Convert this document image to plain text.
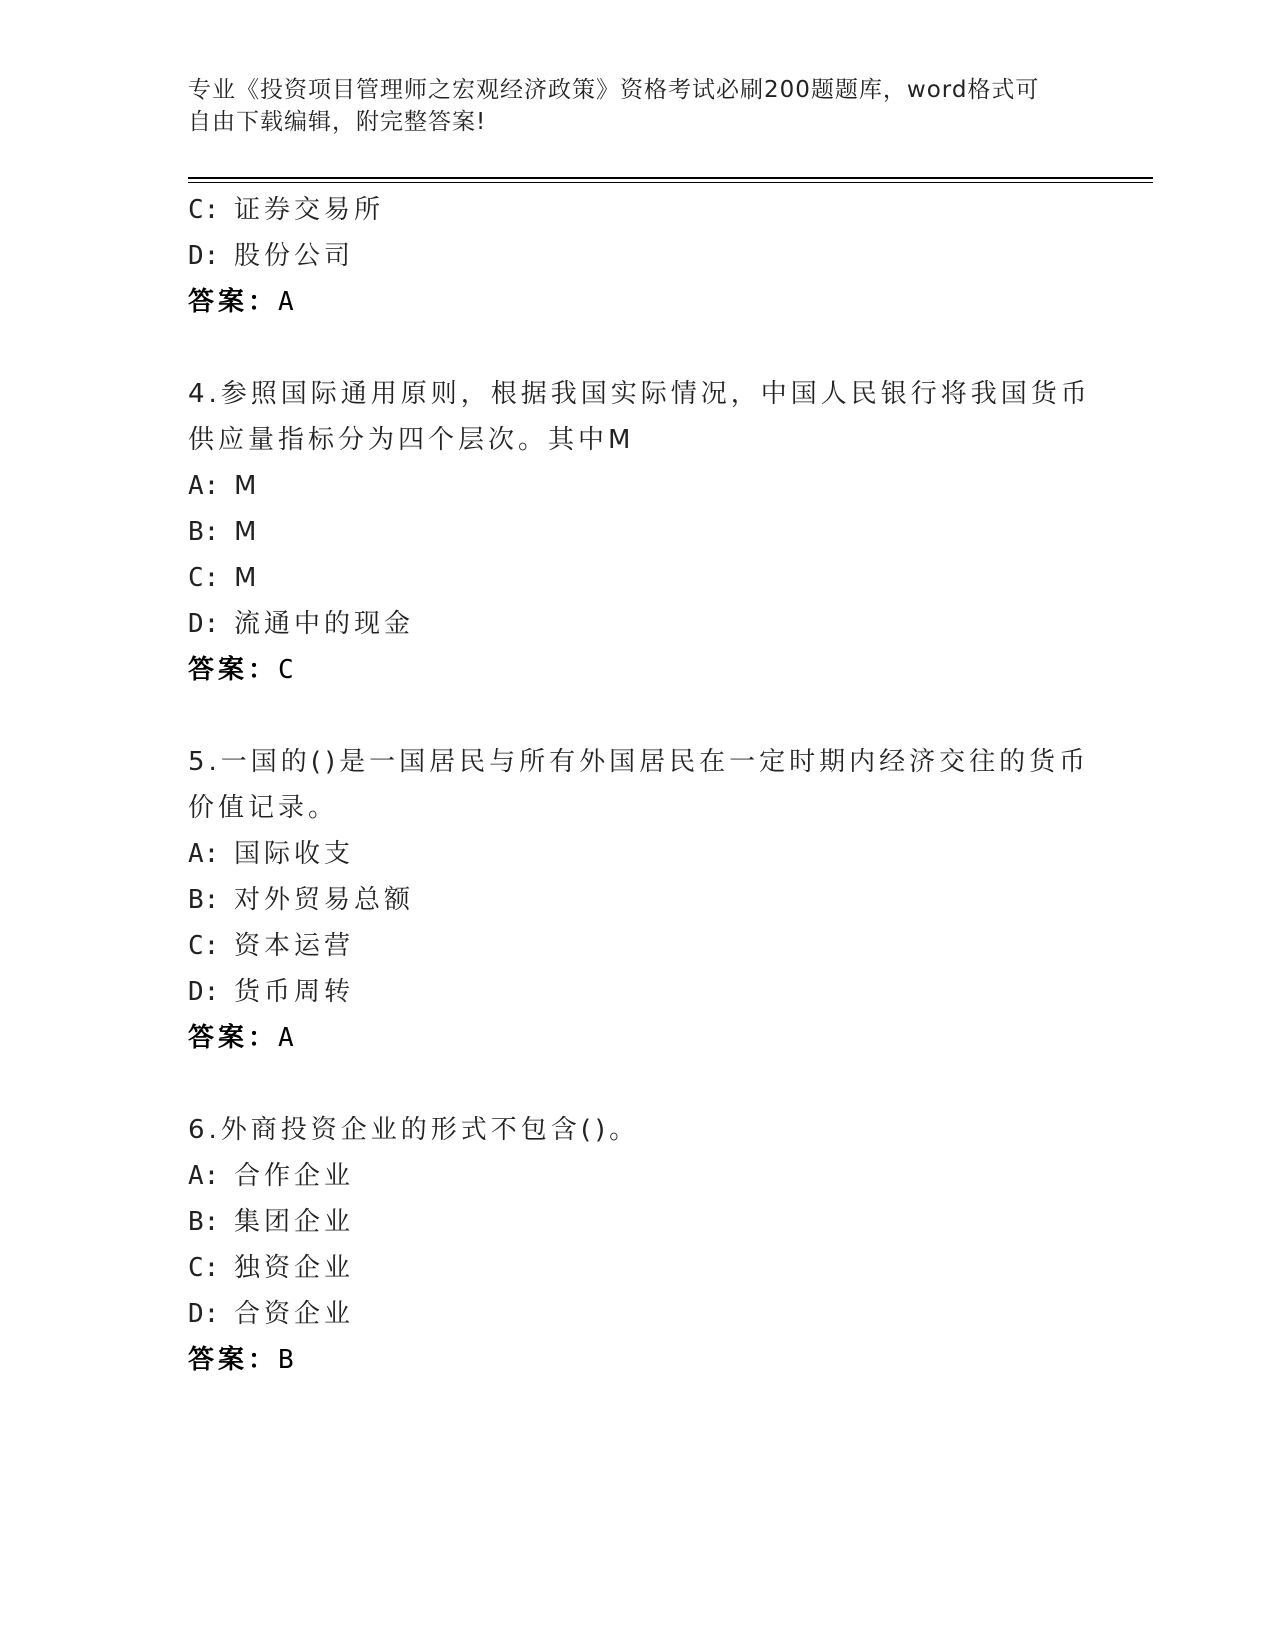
专业《投资项目管理师之宏观经济政策》资格考试必刷200题题库，word格式可
自由下载编辑，附完整答案!
C: 证券交易所
D: 股份公司
答案：A
4.参照国际通用原则，根据我国实际情况，中国人民银行将我国货币
供应量指标分为四个层次。其中M
A: M
B: M
C: M
D: 流通中的现金
答案：C
5.一国的()是一国居民与所有外国居民在一定时期内经济交往的货币
价值记录。
A: 国际收支
B: 对外贸易总额
C: 资本运营
D: 货币周转
答案：A
6.外商投资企业的形式不包含()。
A: 合作企业
B: 集团企业
C: 独资企业
D: 合资企业
答案：B
